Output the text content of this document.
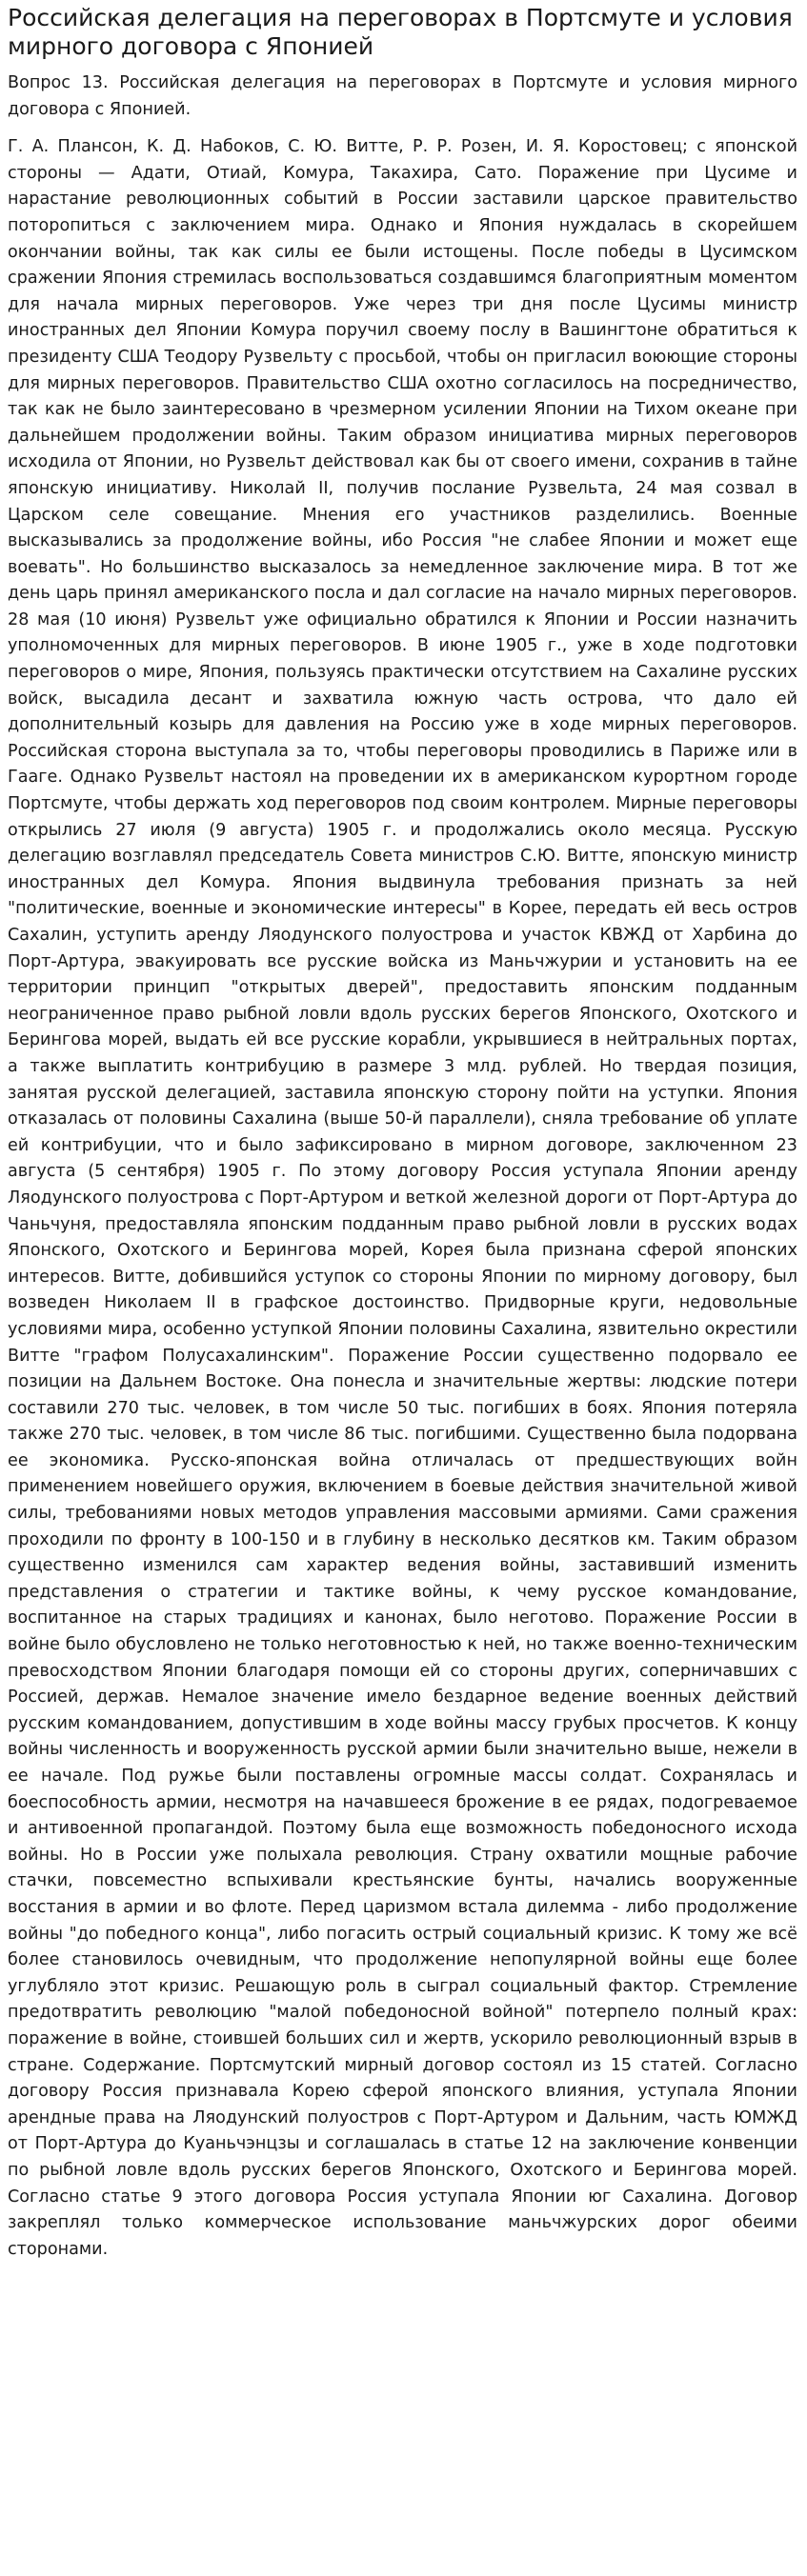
Российская делегация на переговорах в Портсмуте и условия мирного договора с Японией

Вопрос 13. Российская делегация на переговорах в Портсмуте и условия мирного договора с Японией.

Г. А. Плансон, К. Д. Набоков, С. Ю. Витте, Р. Р. Розен, И. Я. Коростовец; с японской стороны — Адати, Отиай, Комура, Такахира, Сато. Поражение при Цусиме и нарастание революционных событий в России заставили царское правительство поторопиться с заключением мира. Однако и Япония нуждалась в скорейшем окончании войны, так как силы ее были истощены. После победы в Цусимском сражении Япония стремилась воспользоваться создавшимся благоприятным моментом для начала мирных переговоров. Уже через три дня после Цусимы министр иностранных дел Японии Комура поручил своему послу в Вашингтоне обратиться к президенту США Теодору Рузвельту с просьбой, чтобы он пригласил воюющие стороны для мирных переговоров. Правительство США охотно согласилось на посредничество, так как не было заинтересовано в чрезмерном усилении Японии на Тихом океане при дальнейшем продолжении войны. Таким образом инициатива мирных переговоров исходила от Японии, но Рузвельт действовал как бы от своего имени, сохранив в тайне японскую инициативу. Николай II, получив послание Рузвельта, 24 мая созвал в Царском селе совещание. Мнения его участников разделились. Военные высказывались за продолжение войны, ибо Россия "не слабее Японии и может еще воевать". Но большинство высказалось за немедленное заключение мира. В тот же день царь принял американского посла и дал согласие на начало мирных переговоров. 28 мая (10 июня) Рузвельт уже официально обратился к Японии и России назначить уполномоченных для мирных переговоров. В июне 1905 г., уже в ходе подготовки переговоров о мире, Япония, пользуясь практически отсутствием на Сахалине русских войск, высадила десант и захватила южную часть острова, что дало ей дополнительный козырь для давления на Россию уже в ходе мирных переговоров. Российская сторона выступала за то, чтобы переговоры проводились в Париже или в Гааге. Однако Рузвельт настоял на проведении их в американском курортном городе Портсмуте, чтобы держать ход переговоров под своим контролем. Мирные переговоры открылись 27 июля (9 августа) 1905 г. и продолжались около месяца. Русскую делегацию возглавлял председатель Совета министров С.Ю. Витте, японскую министр иностранных дел Комура. Япония выдвинула требования признать за ней "политические, военные и экономические интересы" в Корее, передать ей весь остров Сахалин, уступить аренду Ляодунского полуострова и участок КВЖД от Харбина до Порт-Артура, эвакуировать все русские войска из Маньчжурии и установить на ее территории принцип "открытых дверей", предоставить японским подданным неограниченное право рыбной ловли вдоль русских берегов Японского, Охотского и Берингова морей, выдать ей все русские корабли, укрывшиеся в нейтральных портах, а также выплатить контрибуцию в размере 3 млд. рублей. Но твердая позиция, занятая русской делегацией, заставила японскую сторону пойти на уступки. Япония отказалась от половины Сахалина (выше 50-й параллели), сняла требование об уплате ей контрибуции, что и было зафиксировано в мирном договоре, заключенном 23 августа (5 сентября) 1905 г. По этому договору Россия уступала Японии аренду Ляодунского полуострова с Порт-Артуром и веткой железной дороги от Порт-Артура до Чаньчуня, предоставляла японским подданным право рыбной ловли в русских водах Японского, Охотского и Берингова морей, Корея была признана сферой японских интересов. Витте, добившийся уступок со стороны Японии по мирному договору, был возведен Николаем II в графское достоинство. Придворные круги, недовольные условиями мира, особенно уступкой Японии половины Сахалина, язвительно окрестили Витте "графом Полусахалинским". Поражение России существенно подорвало ее позиции на Дальнем Востоке. Она понесла и значительные жертвы: людские потери составили 270 тыс. человек, в том числе 50 тыс. погибших в боях. Япония потеряла также 270 тыс. человек, в том числе 86 тыс. погибшими. Существенно была подорвана ее экономика. Русско-японская война отличалась от предшествующих войн применением новейшего оружия, включением в боевые действия значительной живой силы, требованиями новых методов управления массовыми армиями. Сами сражения проходили по фронту в 100-150 и в глубину в несколько десятков км. Таким образом существенно изменился сам характер ведения войны, заставивший изменить представления о стратегии и тактике войны, к чему русское командование, воспитанное на старых традициях и канонах, было неготово. Поражение России в войне было обусловлено не только неготовностью к ней, но также военно-техническим превосходством Японии благодаря помощи ей со стороны других, соперничавших с Россией, держав. Немалое значение имело бездарное ведение военных действий русским командованием, допустившим в ходе войны массу грубых просчетов. К концу войны численность и вооруженность русской армии были значительно выше, нежели в ее начале. Под ружье были поставлены огромные массы солдат. Сохранялась и боеспособность армии, несмотря на начавшееся брожение в ее рядах, подогреваемое и антивоенной пропагандой. Поэтому была еще возможность победоносного исхода войны. Но в России уже полыхала революция. Страну охватили мощные рабочие стачки, повсеместно вспыхивали крестьянские бунты, начались вооруженные восстания в армии и во флоте. Перед царизмом встала дилемма - либо продолжение войны "до победного конца", либо погасить острый социальный кризис. К тому же всё более становилось очевидным, что продолжение непопулярной войны еще более углубляло этот кризис. Решающую роль в сыграл социальный фактор. Стремление предотвратить революцию "малой победоносной войной" потерпело полный крах: поражение в войне, стоившей больших сил и жертв, ускорило революционный взрыв в стране. Содержание. Портсмутский мирный договор состоял из 15 статей. Согласно договору Россия признавала Корею сферой японского влияния, уступала Японии арендные права на Ляодунский полуостров с Порт-Артуром и Дальним, часть ЮМЖД от Порт-Артура до Куаньчэнцзы и соглашалась в статье 12 на заключение конвенции по рыбной ловле вдоль русских берегов Японского, Охотского и Беринговa морей. Согласно статье 9 этого договора Россия уступала Японии юг Сахалина. Договор закреплял только коммерческое использование маньчжурских дорог обеими сторонами.
